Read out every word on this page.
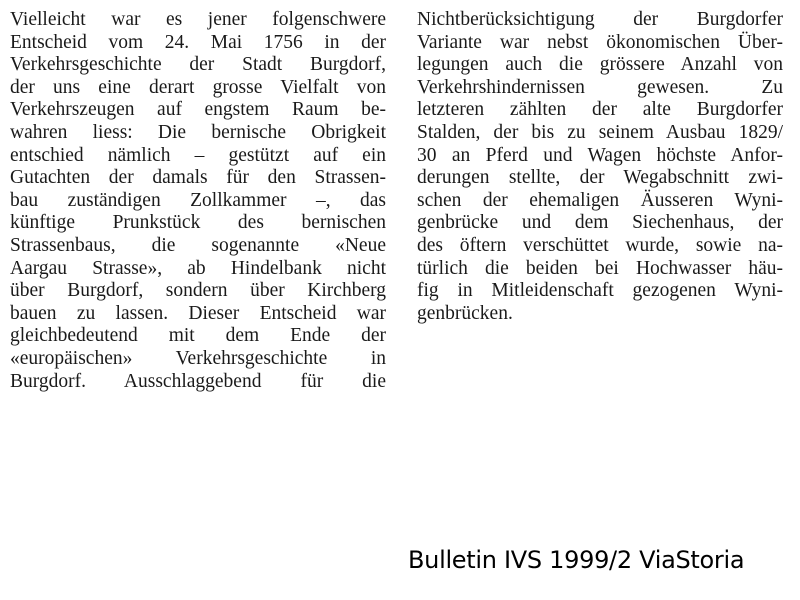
Vielleicht war es jener folgenschwere
Entscheid vom 24. Mai 1756 in der
Verkehrsgeschichte der Stadt Burgdorf,
der uns eine derart grosse Vielfalt von
Verkehrszeugen auf engstem Raum be-
wahren liess: Die bernische Obrigkeit
entschied nämlich – gestützt auf ein
Gutachten der damals für den Strassen-
bau zuständigen Zollkammer –, das
künftige Prunkstück des bernischen
Strassenbaus, die sogenannte «Neue
Aargau Strasse», ab Hindelbank nicht
über Burgdorf, sondern über Kirchberg
bauen zu lassen. Dieser Entscheid war
gleichbedeutend mit dem Ende der
«europäischen» Verkehrsgeschichte in
Burgdorf. Ausschlaggebend für die
Nichtberücksichtigung der Burgdorfer
Variante war nebst ökonomischen Über-
legungen auch die grössere Anzahl von
Verkehrshindernissen gewesen. Zu
letzteren zählten der alte Burgdorfer
Stalden, der bis zu seinem Ausbau 1829/
30 an Pferd und Wagen höchste Anfor-
derungen stellte, der Wegabschnitt zwi-
schen der ehemaligen Äusseren Wyni-
genbrücke und dem Siechenhaus, der
des öftern verschüttet wurde, sowie na-
türlich die beiden bei Hochwasser häu-
fig in Mitleidenschaft gezogenen Wyni-
genbrücken.
Bulletin IVS 1999/2 ViaStoria
